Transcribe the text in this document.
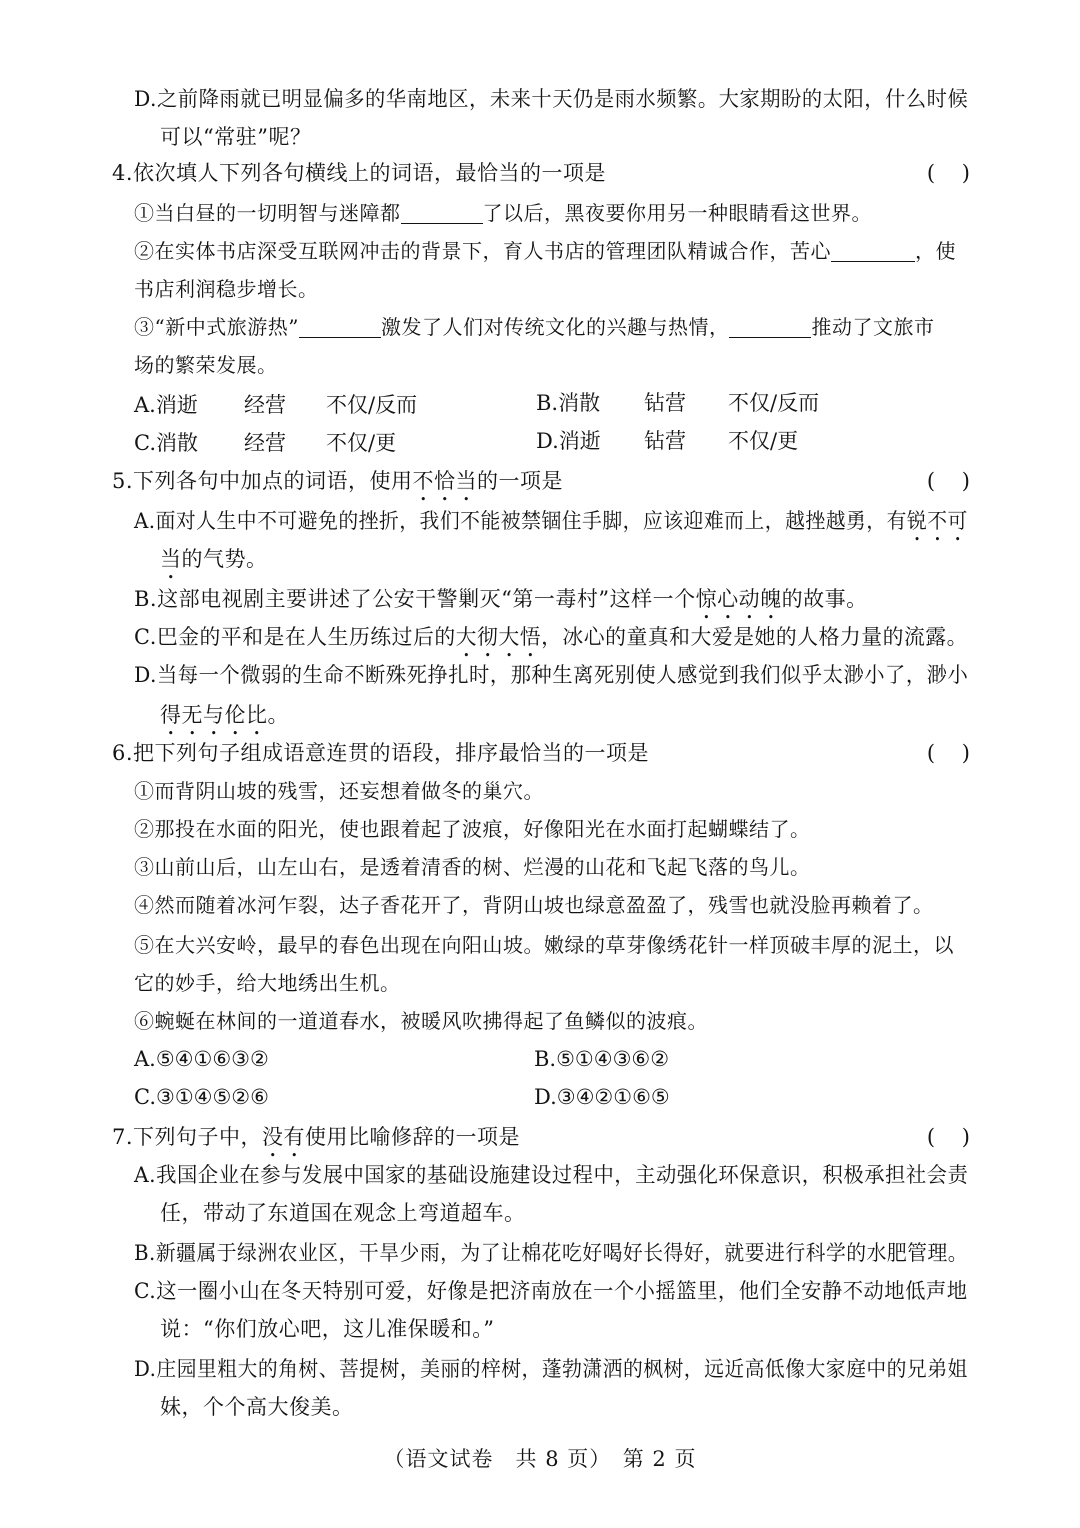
D.之前降雨就已明显偏多的华南地区，未来十天仍是雨水频繁。大家期盼的太阳，什么时候
可以“常驻”呢？
4.依次填人下列各句横线上的词语，最恰当的一项是	(    )
①当白昼的一切明智与迷障都	了以后，黑夜要你用另一种眼睛看这世界。
②在实体书店深受互联网冲击的背景下，育人书店的管理团队精诚合作，苦心	，使
书店利润稳步增长。
③“新中式旅游热”	激发了人们对传统文化的兴趣与热情，	推动了文旅市
场的繁荣发展。
A.消逝 经营 不仅/反而	B.消散 钻营 不仅/反而
C.消散 经营 不仅/更	D.消逝 钻营 不仅/更
5.下列各句中加点的词语，使用不恰当的一项是	(    )
A.面对人生中不可避免的挫折，我们不能被禁锢住手脚，应该迎难而上，越挫越勇，有锐不可
当的气势。
B.这部电视剧主要讲述了公安干警剿灭“第一毒村”这样一个惊心动魄的故事。
C.巴金的平和是在人生历练过后的大彻大悟，冰心的童真和大爱是她的人格力量的流露。
D.当每一个微弱的生命不断殊死挣扎时，那种生离死别使人感觉到我们似乎太渺小了，渺小
得无与伦比。
6.把下列句子组成语意连贯的语段，排序最恰当的一项是	(    )
①而背阴山坡的残雪，还妄想着做冬的巢穴。
②那投在水面的阳光，使也跟着起了波痕，好像阳光在水面打起蝴蝶结了。
③山前山后，山左山右，是透着清香的树、烂漫的山花和飞起飞落的鸟儿。
④然而随着冰河乍裂，达子香花开了，背阴山坡也绿意盈盈了，残雪也就没脸再赖着了。
⑤在大兴安岭，最早的春色出现在向阳山坡。嫩绿的草芽像绣花针一样顶破丰厚的泥土，以
它的妙手，给大地绣出生机。
⑥蜿蜒在林间的一道道春水，被暖风吹拂得起了鱼鳞似的波痕。
A.⑤④①⑥③②	B.⑤①④③⑥②
C.③①④⑤②⑥	D.③④②①⑥⑤
7.下列句子中，没有使用比喻修辞的一项是	(    )
A.我国企业在参与发展中国家的基础设施建设过程中，主动强化环保意识，积极承担社会责
任，带动了东道国在观念上弯道超车。
B.新疆属于绿洲农业区，干旱少雨，为了让棉花吃好喝好长得好，就要进行科学的水肥管理。
C.这一圈小山在冬天特别可爱，好像是把济南放在一个小摇篮里，他们全安静不动地低声地
说：“你们放心吧，这儿准保暖和。”
D.庄园里粗大的角树、菩提树，美丽的梓树，蓬勃潇洒的枫树，远近高低像大家庭中的兄弟姐
妹，个个高大俊美。
（语文试卷　共 8 页）　第 2 页
